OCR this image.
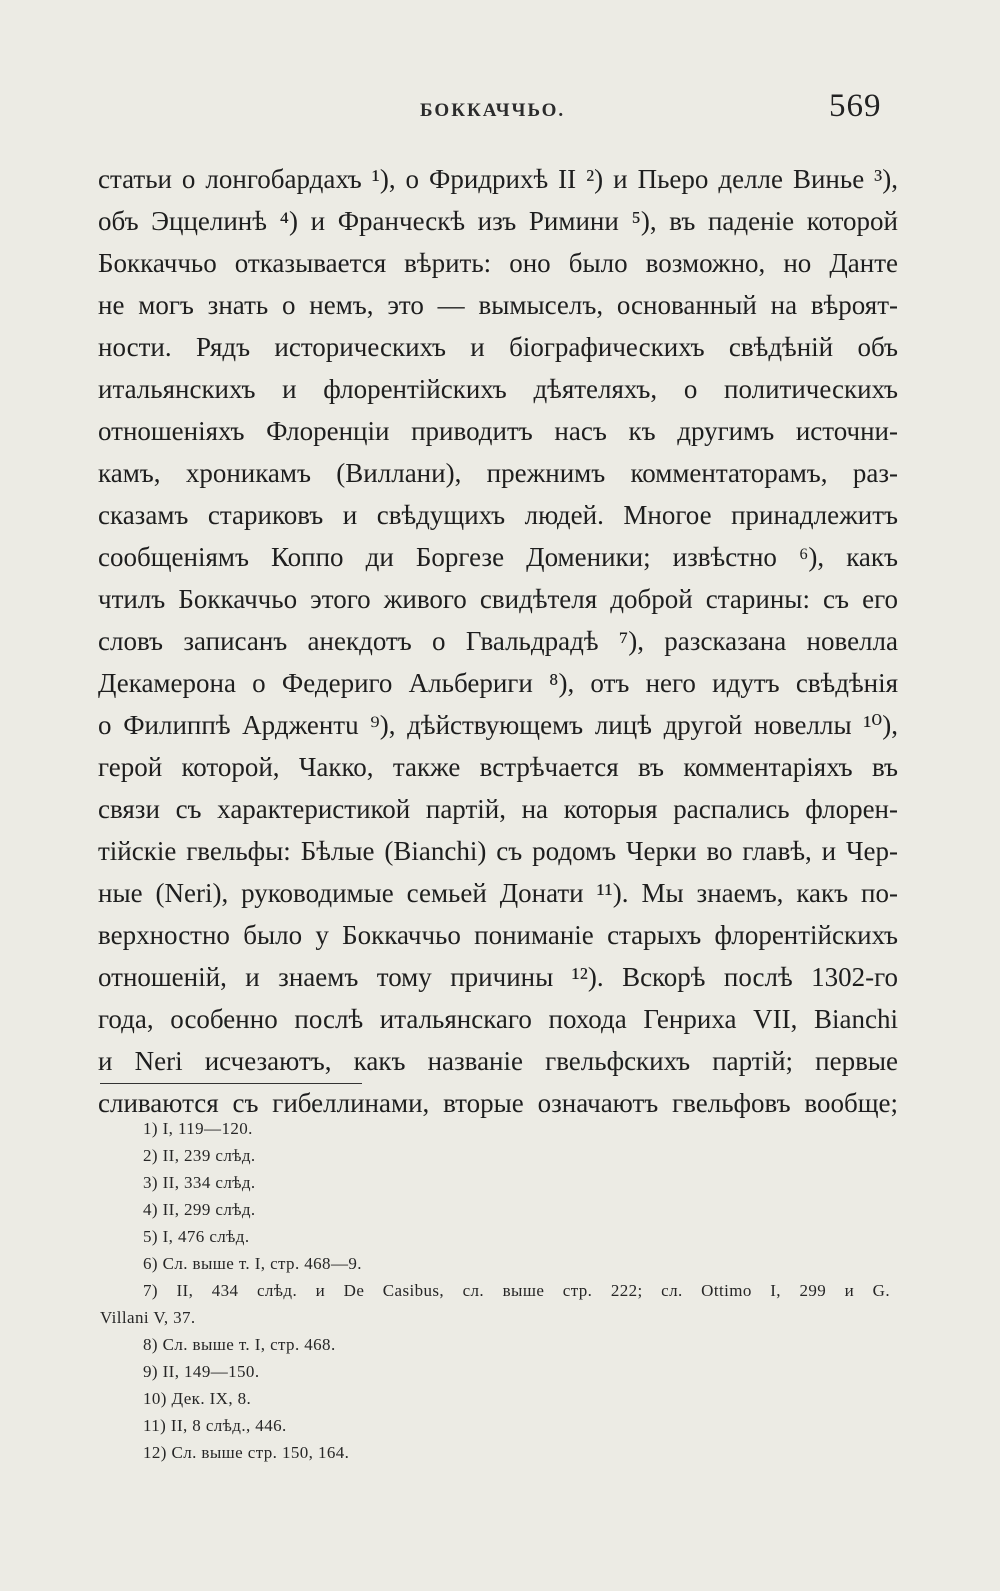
БОККАЧЧЬО.	569
статьи о лонгобардахъ ¹), о Фридрихѣ II ²) и Пьеро делле Винье ³),
объ Эццелинѣ ⁴) и Франческѣ изъ Римини ⁵), въ паденіе которой
Боккаччьо отказывается вѣрить: оно было возможно, но Данте
не могъ знать о немъ, это — вымыселъ, основанный на вѣроят-
ности. Рядъ историческихъ и біографическихъ свѣдѣній объ
итальянскихъ и флорентійскихъ дѣятеляхъ, о политическихъ
отношеніяхъ Флоренціи приводитъ насъ къ другимъ источни-
камъ, хроникамъ (Виллани), прежнимъ комментаторамъ, раз-
сказамъ стариковъ и свѣдущихъ людей. Многое принадлежитъ
сообщеніямъ Коппо ди Боргезе Доменики; извѣстно ⁶), какъ
чтилъ Боккаччьо этого живого свидѣтеля доброй старины: съ его
словъ записанъ анекдотъ о Гвальдрадѣ ⁷), разсказана новелла
Декамерона о Федериго Альбериги ⁸), отъ него идутъ свѣдѣнія
о Филиппѣ Арджентu ⁹), дѣйствующемъ лицѣ другой новеллы ¹⁰),
герой которой, Чакко, также встрѣчается въ комментаріяхъ въ
связи съ характеристикой партій, на которыя распались флорен-
тійскіе гвельфы: Бѣлые (Bianchi) съ родомъ Черки во главѣ, и Чер-
ные (Neri), руководимые семьей Донати ¹¹). Мы знаемъ, какъ по-
верхностно было у Боккаччьо пониманіе старыхъ флорентійскихъ
отношеній, и знаемъ тому причины ¹²). Вскорѣ послѣ 1302-го
года, особенно послѣ итальянскаго похода Генриха VII, Bianchi
и Neri исчезаютъ, какъ названіе гвельфскихъ партій; первые
сливаются съ гибеллинами, вторые означаютъ гвельфовъ вообще;
1) I, 119—120.
2) II, 239 слѣд.
3) II, 334 слѣд.
4) II, 299 слѣд.
5) I, 476 слѣд.
6) Сл. выше т. I, стр. 468—9.
7) II, 434 слѣд. и De Casibus, сл. выше стр. 222; сл. Ottimo I, 299 и G.
Villani V, 37.
8) Сл. выше т. I, стр. 468.
9) II, 149—150.
10) Дек. IX, 8.
11) II, 8 слѣд., 446.
12) Сл. выше стр. 150, 164.
